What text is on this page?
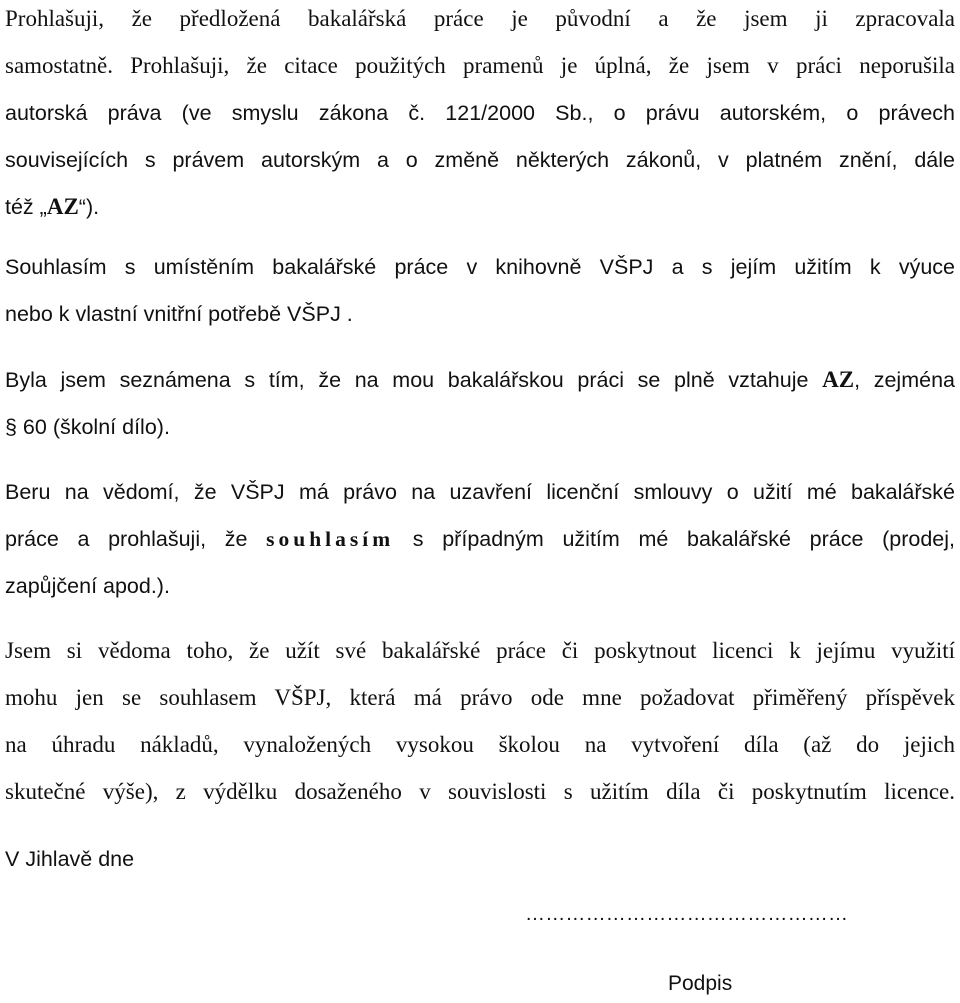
Prohlašuji, že předložená bakalářská práce je původní a že jsem ji zpracovala
samostatně. Prohlašuji, že citace použitých pramenů je úplná, že jsem v práci neporušila
autorská práva (ve smyslu zákona č. 121/2000 Sb., o právu autorském, o právech
souvisejících s právem autorským a o změně některých zákonů, v platném znění, dále
též „AZ“).
Souhlasím s umístěním bakalářské práce v knihovně VŠPJ a s jejím užitím k výuce
nebo k vlastní vnitřní potřebě VŠPJ .
Byla jsem seznámena s tím, že na mou bakalářskou práci se plně vztahuje AZ, zejména
§ 60 (školní dílo).
Beru na vědomí, že VŠPJ má právo na uzavření licenční smlouvy o užití mé bakalářské
práce a prohlašuji, že souhlasím s případným užitím mé bakalářské práce (prodej,
zapůjčení apod.).
Jsem si vědoma toho, že užít své bakalářské práce či poskytnout licenci k jejímu využití
mohu jen se souhlasem VŠPJ, která má právo ode mne požadovat přiměřený příspěvek
na úhradu nákladů, vynaložených vysokou školou na vytvoření díla (až do jejich
skutečné výše), z výdělku dosaženého v souvislosti s užitím díla či poskytnutím licence.
V Jihlavě dne
…………………………………………
Podpis
